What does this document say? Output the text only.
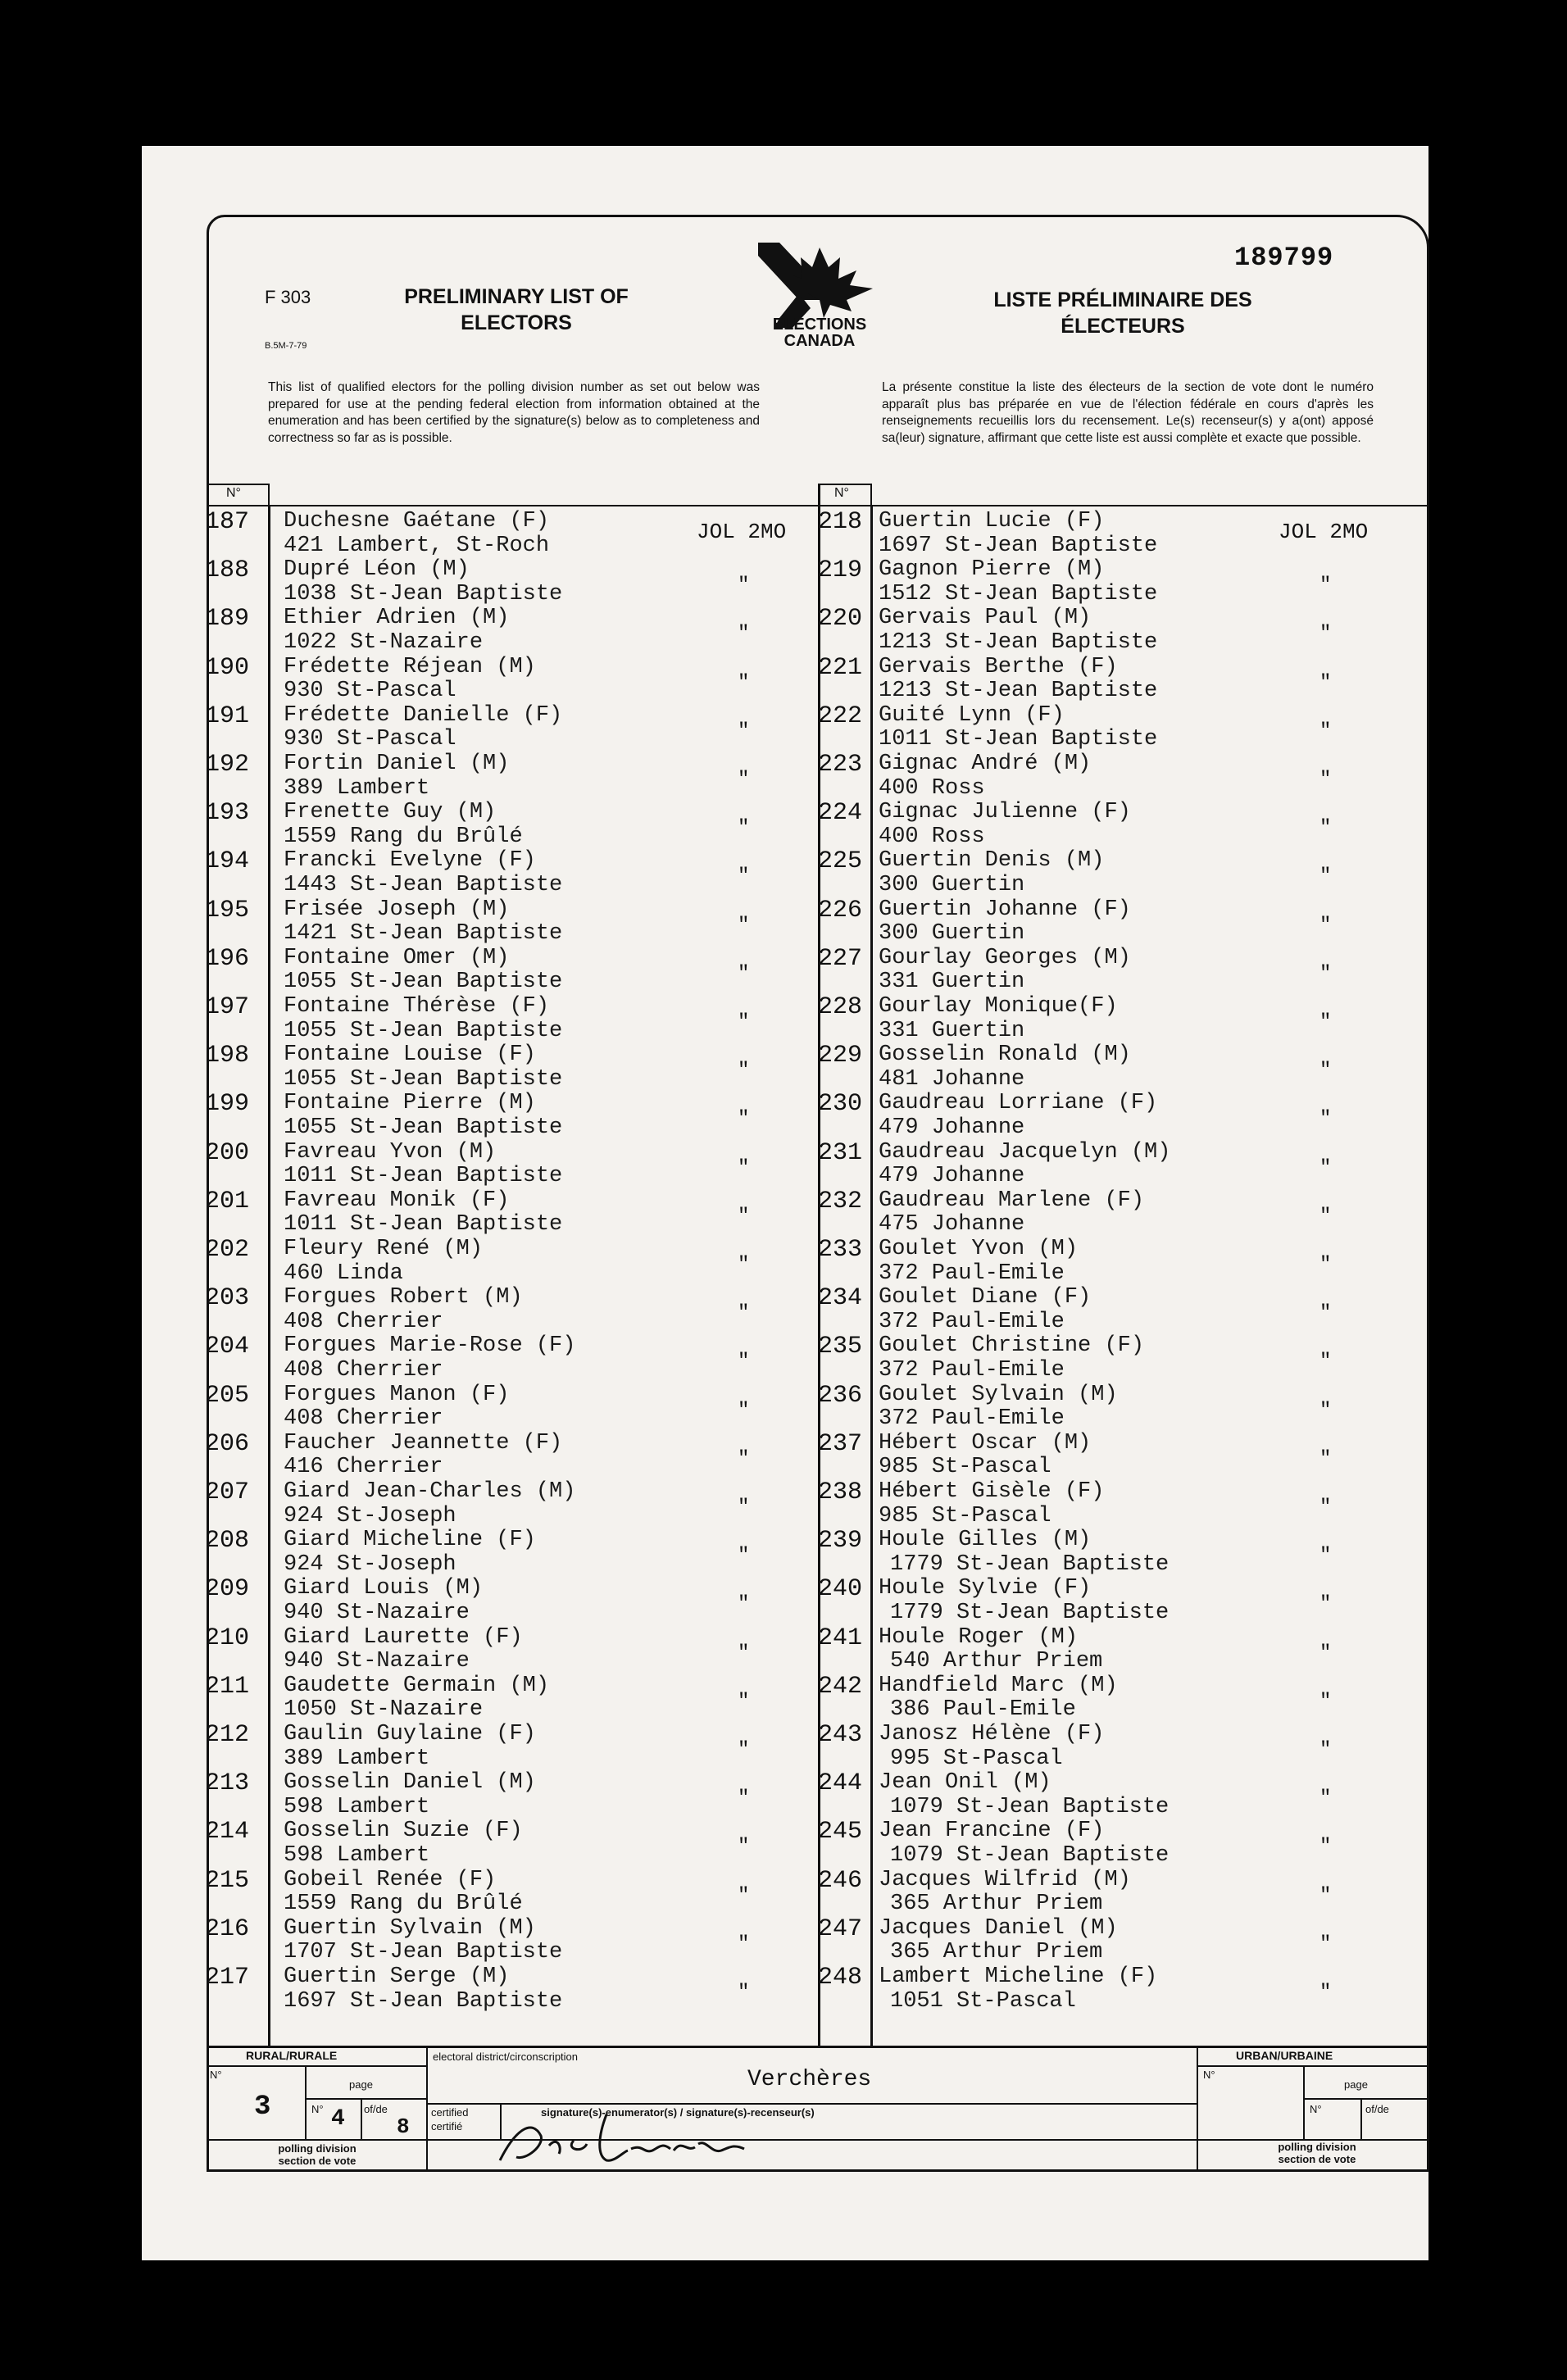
F 303
B.5M-7-79
PRELIMINARY LIST OF
ELECTORS	ELECTIONS
CANADA
189799
LISTE PRÉLIMINAIRE DES
ÉLECTEURS
This list of qualified electors for the polling division number as set out below was prepared for use at the pending federal election from information obtained at the enumeration and has been certified by the signature(s) below as to completeness and correctness so far as is possible.
La présente constitue la liste des électeurs de la section de vote dont le numéro apparaît plus bas préparée en vue de l'élection fédérale en cours d'après les renseignements recueillis lors du recensement. Le(s) recenseur(s) y a(ont) apposé sa(leur) signature, affirmant que cette liste est aussi complète et exacte que possible.
N°	N°
187 Duchesne Gaétane (F)
421 Lambert, St-Roch
JOL 2MO
188 Dupré Léon (M)
1038 St-Jean Baptiste	"
189 Ethier Adrien (M)
1022 St-Nazaire	"
190 Frédette Réjean (M)
930 St-Pascal	"
191 Frédette Danielle (F)
930 St-Pascal	"
192 Fortin Daniel (M)
389 Lambert	"
193 Frenette Guy (M)
1559 Rang du Brûlé	"
194 Francki Evelyne (F)
1443 St-Jean Baptiste	"
195 Frisée Joseph (M)
1421 St-Jean Baptiste	"
196 Fontaine Omer (M)
1055 St-Jean Baptiste	"
197 Fontaine Thérèse (F)
1055 St-Jean Baptiste	"
198 Fontaine Louise (F)
1055 St-Jean Baptiste	"
199 Fontaine Pierre (M)
1055 St-Jean Baptiste	"
200 Favreau Yvon (M)
1011 St-Jean Baptiste	"
201 Favreau Monik (F)
1011 St-Jean Baptiste	"
202 Fleury René (M)
460 Linda	"
203 Forgues Robert (M)
408 Cherrier	"
204 Forgues Marie-Rose (F)
408 Cherrier	"
205 Forgues Manon (F)
408 Cherrier	"
206 Faucher Jeannette (F)
416 Cherrier	"
207 Giard Jean-Charles (M)
924 St-Joseph	"
208 Giard Micheline (F)
924 St-Joseph	"
209 Giard Louis (M)
940 St-Nazaire	"
210 Giard Laurette (F)
940 St-Nazaire	"
211 Gaudette Germain (M)
1050 St-Nazaire	"
212 Gaulin Guylaine (F)
389 Lambert	"
213 Gosselin Daniel (M)
598 Lambert	"
214 Gosselin Suzie (F)
598 Lambert	"
215 Gobeil Renée (F)
1559 Rang du Brûlé	"
216 Guertin Sylvain (M)
1707 St-Jean Baptiste	"
217 Guertin Serge (M)
1697 St-Jean Baptiste	"
218 Guertin Lucie (F)
1697 St-Jean Baptiste
JOL 2MO
219 Gagnon Pierre (M)
1512 St-Jean Baptiste	"
220 Gervais Paul (M)
1213 St-Jean Baptiste	"
221 Gervais Berthe (F)
1213 St-Jean Baptiste	"
222 Guité Lynn (F)
1011 St-Jean Baptiste	"
223 Gignac André (M)
400 Ross	"
224 Gignac Julienne (F)
400 Ross	"
225 Guertin Denis (M)
300 Guertin	"
226 Guertin Johanne (F)
300 Guertin	"
227 Gourlay Georges (M)
331 Guertin	"
228 Gourlay Monique(F)
331 Guertin	"
229 Gosselin Ronald (M)
481 Johanne	"
230 Gaudreau Lorriane (F)
479 Johanne	"
231 Gaudreau Jacquelyn (M)
479 Johanne	"
232 Gaudreau Marlene (F)
475 Johanne	"
233 Goulet Yvon (M)
372 Paul-Emile	"
234 Goulet Diane (F)
372 Paul-Emile	"
235 Goulet Christine (F)
372 Paul-Emile	"
236 Goulet Sylvain (M)
372 Paul-Emile	"
237 Hébert Oscar (M)
985 St-Pascal	"
238 Hébert Gisèle (F)
985 St-Pascal	"
239 Houle Gilles (M)
1779 St-Jean Baptiste	"
240 Houle Sylvie (F)
1779 St-Jean Baptiste	"
241 Houle Roger (M)
540 Arthur Priem	"
242 Handfield Marc (M)
386 Paul-Emile	"
243 Janosz Hélène (F)
995 St-Pascal	"
244 Jean Onil (M)
1079 St-Jean Baptiste	"
245 Jean Francine (F)
1079 St-Jean Baptiste	"
246 Jacques Wilfrid (M)
365 Arthur Priem	"
247 Jacques Daniel (M)
365 Arthur Priem	"
248 Lambert Micheline (F)
1051 St-Pascal	"
RURAL/RURALE	URBAN/URBAINE
electoral district/circonscription
Verchères
N°
page
N°	of/de
3	4 8
N°
page
N°	of/de
certified
certifié
signature(s)-enumerator(s) / signature(s)-recenseur(s)
polling division
section de vote
polling division
section de vote
